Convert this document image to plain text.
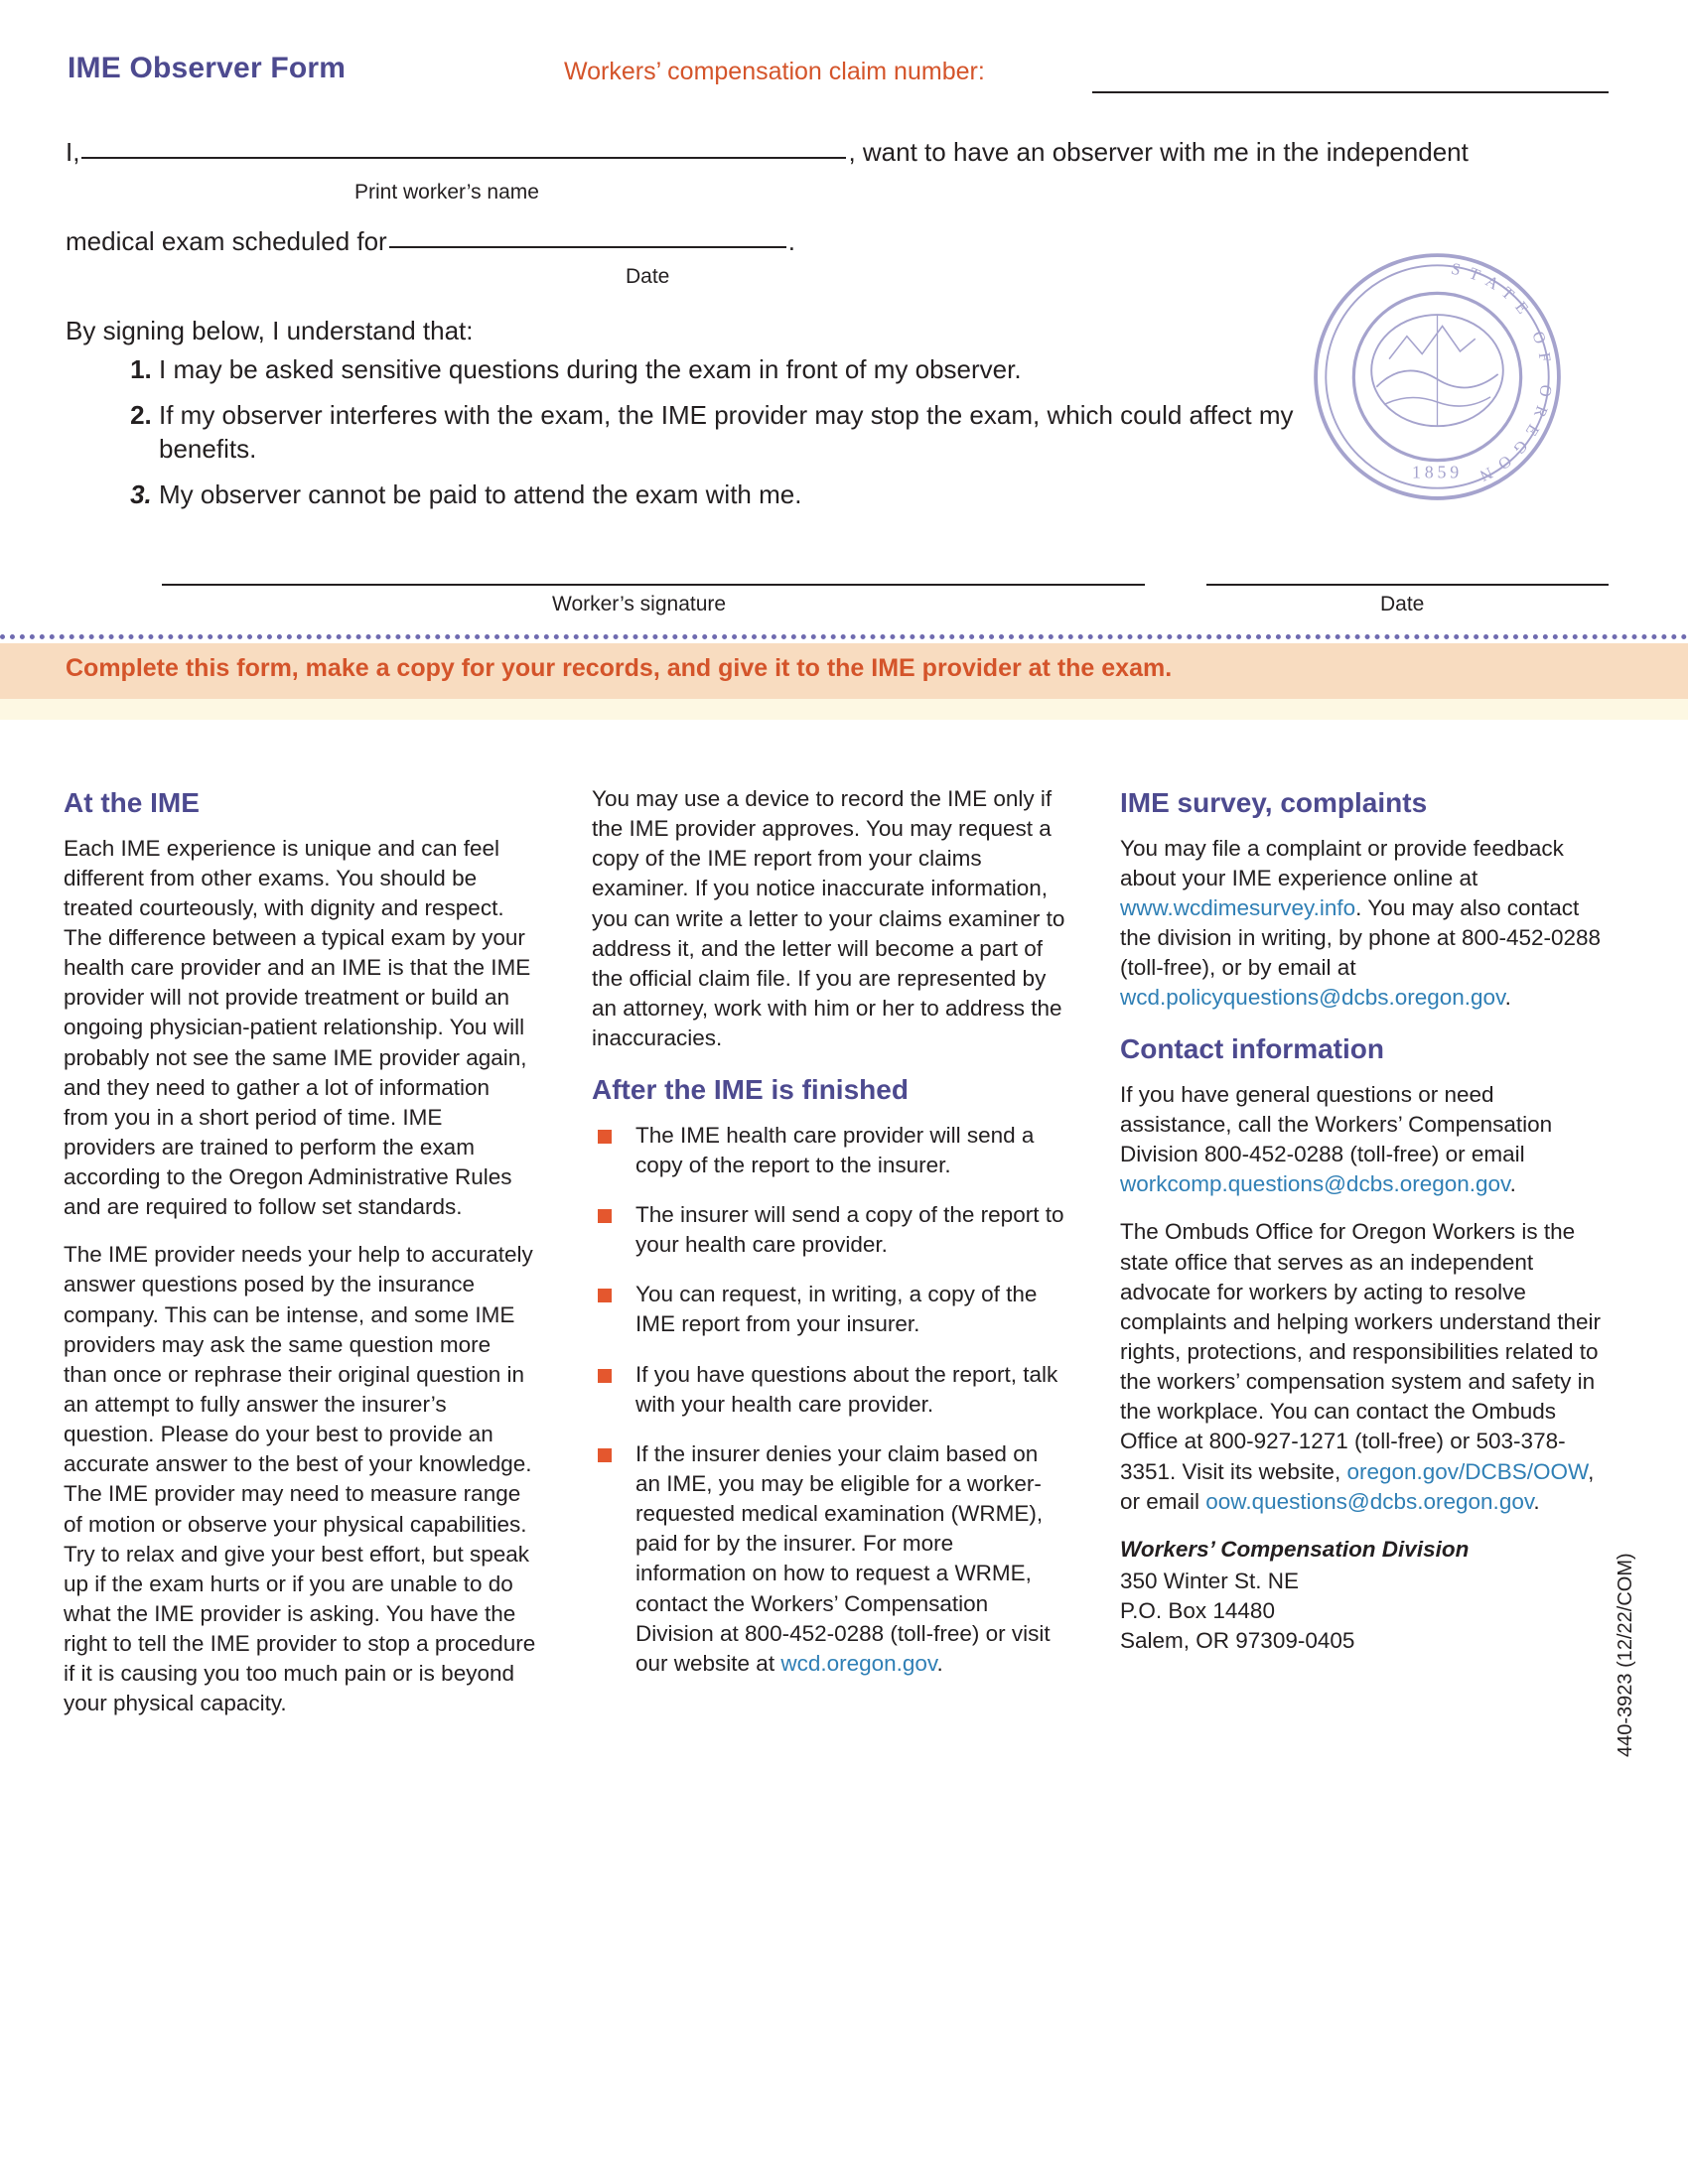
IME Observer Form	Workers’ compensation claim number:
I,	, want to have an observer with me in the independent
Print worker’s name
medical exam scheduled for	.
Date
By signing below, I understand that:
1. I may be asked sensitive questions during the exam in front of my observer.
2. If my observer interferes with the exam, the IME provider may stop the exam, which could affect my benefits.
3. My observer cannot be paid to attend the exam with me.
Worker’s signature	Date
STATE OF OREGON
1859
Complete this form, make a copy for your records, and give it to the IME provider at the exam.
At the IME

Each IME experience is unique and can feel different from other exams. You should be treated courteously, with dignity and respect. The difference between a typical exam by your health care provider and an IME is that the IME provider will not provide treatment or build an ongoing physician-patient relationship. You will probably not see the same IME provider again, and they need to gather a lot of information from you in a short period of time. IME providers are trained to perform the exam according to the Oregon Administrative Rules and are required to follow set standards.

The IME provider needs your help to accurately answer questions posed by the insurance company. This can be intense, and some IME providers may ask the same question more than once or rephrase their original question in an attempt to fully answer the insurer’s question. Please do your best to provide an accurate answer to the best of your knowledge. The IME provider may need to measure range of motion or observe your physical capabilities. Try to relax and give your best effort, but speak up if the exam hurts or if you are unable to do what the IME provider is asking. You have the right to tell the IME provider to stop a procedure if it is causing you too much pain or is beyond your physical capacity.

You may use a device to record the IME only if the IME provider approves. You may request a copy of the IME report from your claims examiner. If you notice inaccurate information, you can write a letter to your claims examiner to address it, and the letter will become a part of the official claim file. If you are represented by an attorney, work with him or her to address the inaccuracies.

After the IME is finished
The IME health care provider will send a copy of the report to the insurer.
The insurer will send a copy of the report to your health care provider.
You can request, in writing, a copy of the IME report from your insurer.
If you have questions about the report, talk with your health care provider.
If the insurer denies your claim based on an IME, you may be eligible for a worker-requested medical examination (WRME), paid for by the insurer. For more information on how to request a WRME, contact the Workers’ Compensation Division at 800-452-0288 (toll-free) or visit our website at wcd.oregon.gov.
IME survey, complaints

You may file a complaint or provide feedback about your IME experience online at www.wcdimesurvey.info. You may also contact the division in writing, by phone at 800-452-0288 (toll-free), or by email at wcd.policyquestions@dcbs.oregon.gov.

Contact information

If you have general questions or need assistance, call the Workers’ Compensation Division 800-452-0288 (toll-free) or email workcomp.questions@dcbs.oregon.gov.

The Ombuds Office for Oregon Workers is the state office that serves as an independent advocate for workers by acting to resolve complaints and helping workers understand their rights, protections, and responsibilities related to the workers’ compensation system and safety in the workplace. You can contact the Ombuds Office at 800-927-1271 (toll-free) or 503-378-3351. Visit its website, oregon.gov/DCBS/OOW, or email oow.questions@dcbs.oregon.gov.

Workers’ Compensation Division

350 Winter St. NE

P.O. Box 14480

Salem, OR 97309-0405	440-3923 (12/22/COM)
